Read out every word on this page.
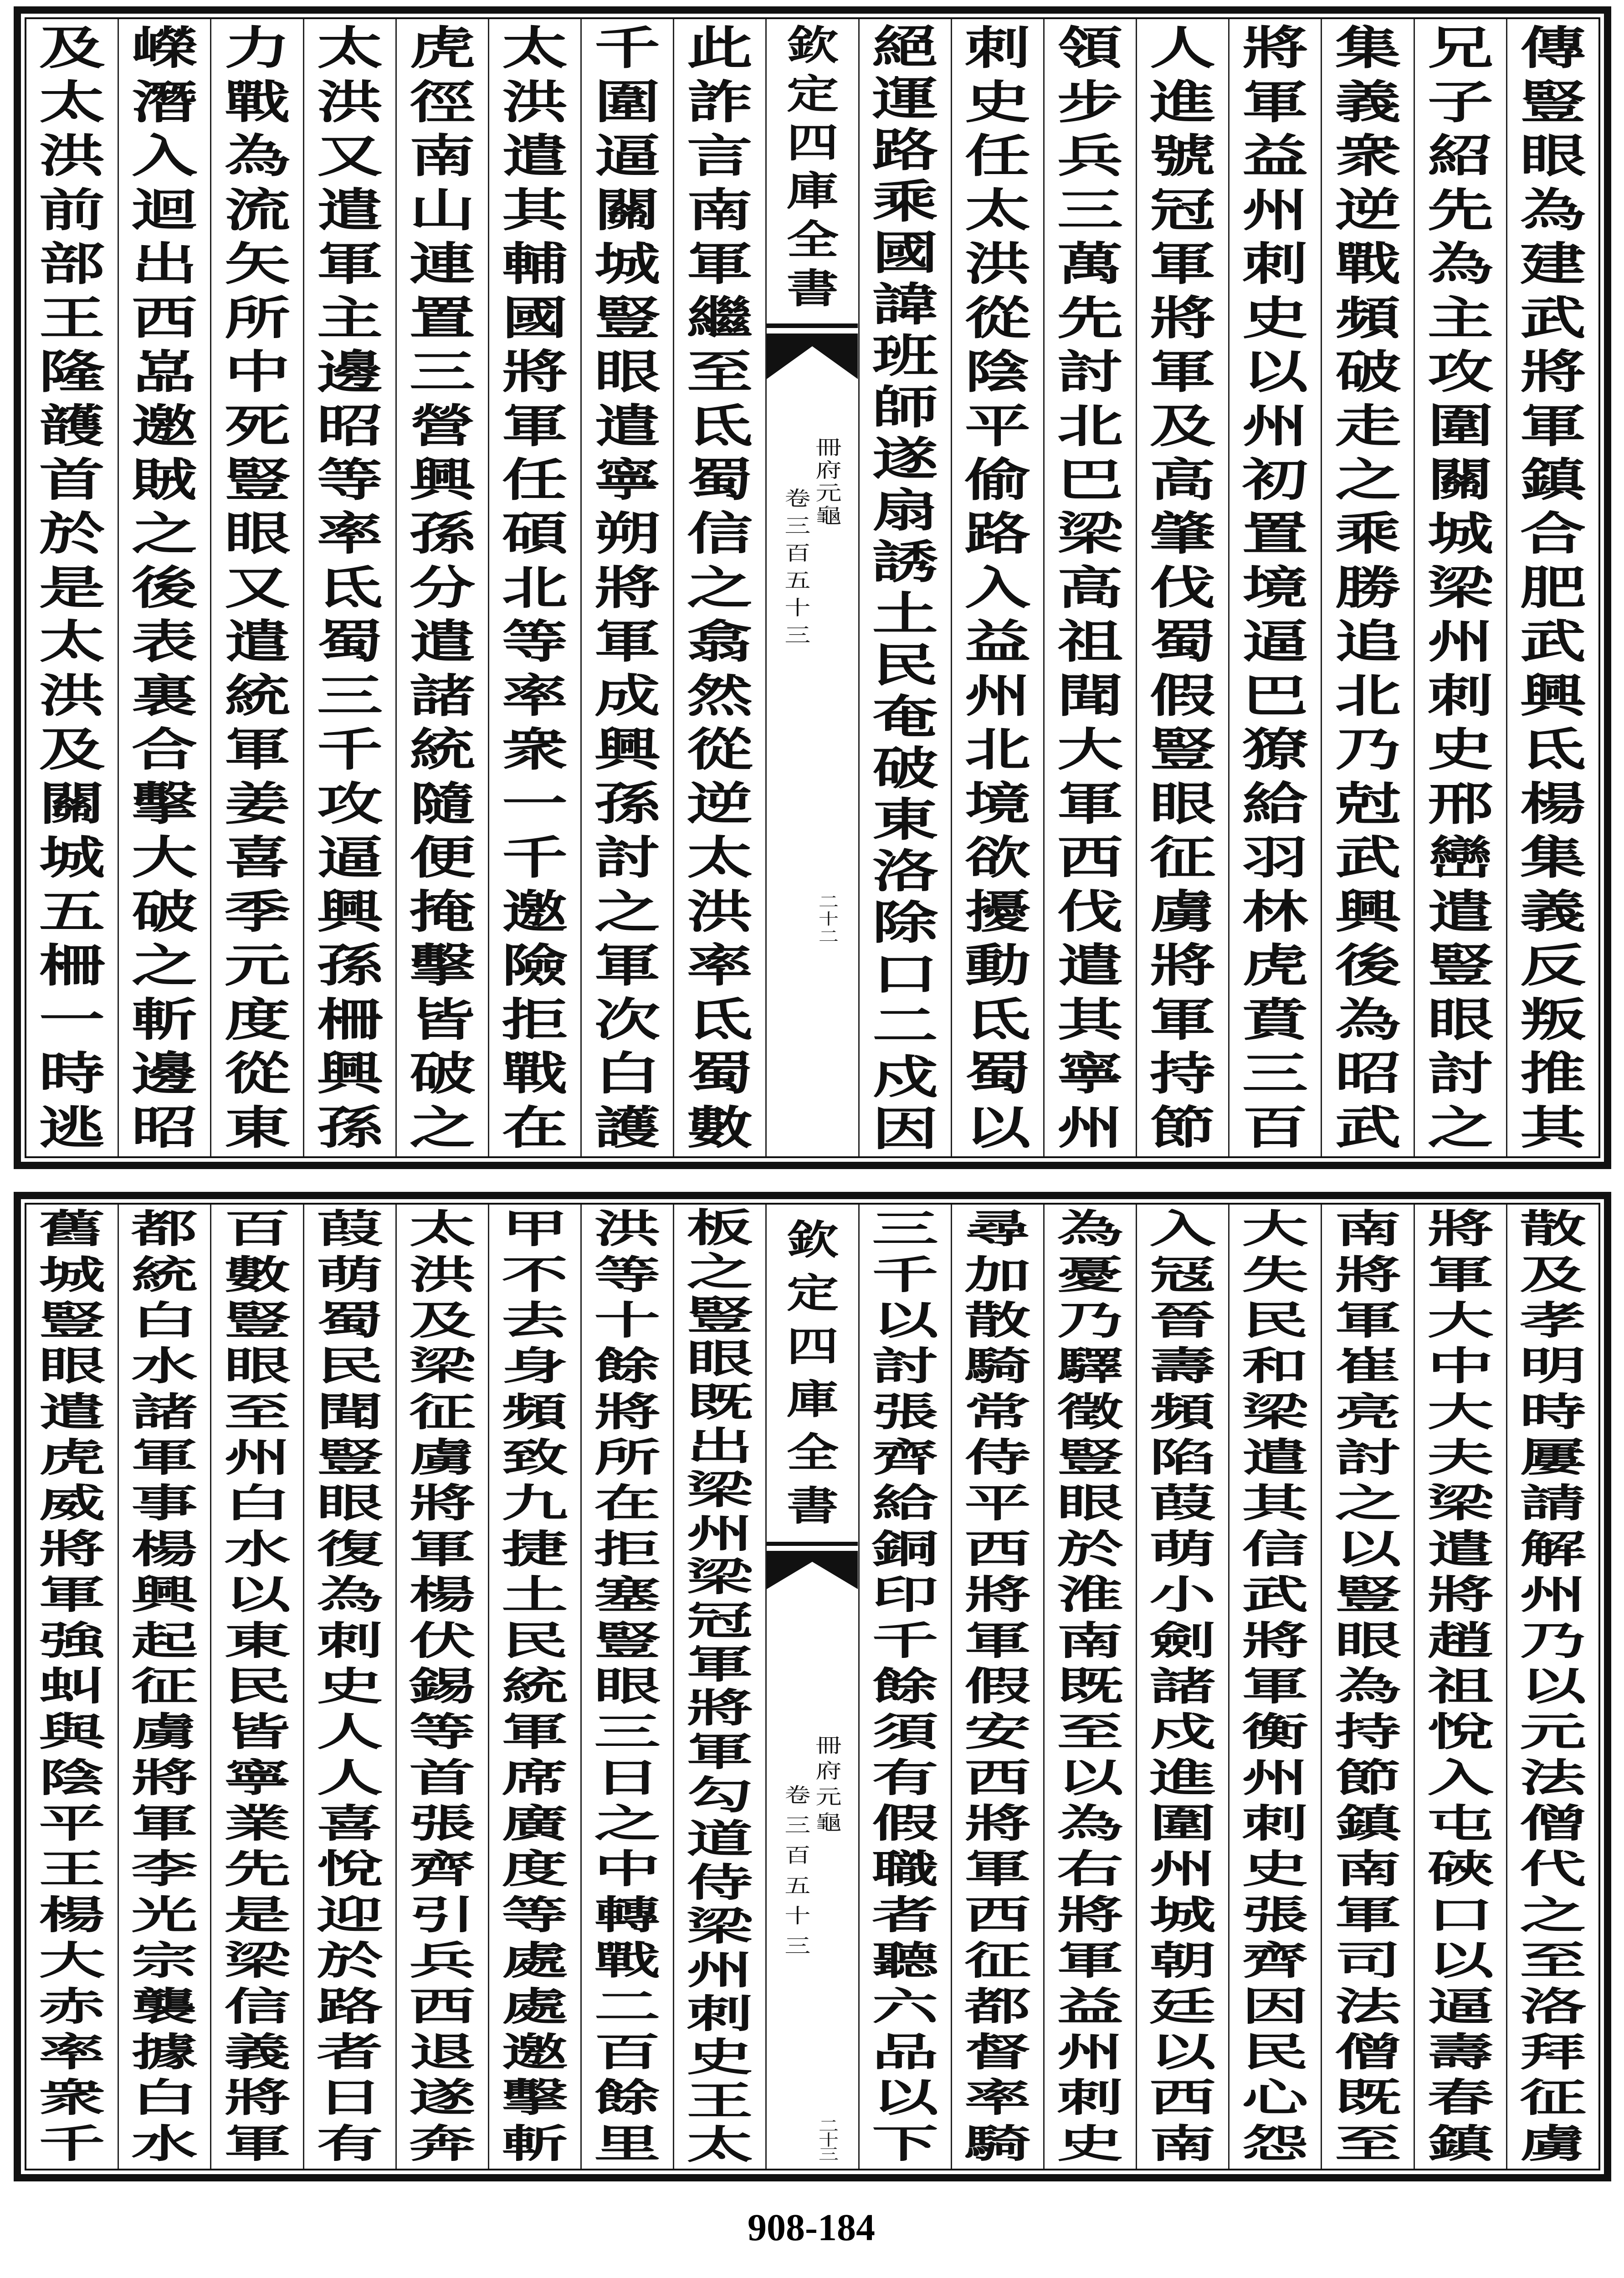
傳
豎
眼
為
建
武
將
軍
鎮
合
肥
武
興
氐
楊
集
義
反
叛
推
其
兄
子
紹
先
為
主
攻
圍
關
城
梁
州
刺
史
邢
巒
遣
豎
眼
討
之
集
義
衆
逆
戰
頻
破
走
之
乘
勝
追
北
乃
尅
武
興
後
為
昭
武
將
軍
益
州
刺
史
以
州
初
置
境
逼
巴
獠
給
羽
林
虎
賁
三
百
人
進
號
冠
軍
將
軍
及
高
肇
伐
蜀
假
豎
眼
征
虜
將
軍
持
節
領
步
兵
三
萬
先
討
北
巴
梁
高
祖
聞
大
軍
西
伐
遣
其
寧
州
刺
史
任
太
洪
從
陰
平
偷
路
入
益
州
北
境
欲
擾
動
氐
蜀
以
絕
運
路
乘
國
諱
班
師
遂
扇
誘
土
民
奄
破
東
洛
除
口
二
戍
因
欽
定
四
庫
全
書
冊
府
元
龜
卷
三
百
五
十
三
二
十
二
此
詐
言
南
軍
繼
至
氐
蜀
信
之
翕
然
從
逆
太
洪
率
氐
蜀
數
千
圍
逼
關
城
豎
眼
遣
寧
朔
將
軍
成
興
孫
討
之
軍
次
白
護
太
洪
遣
其
輔
國
將
軍
任
碩
北
等
率
衆
一
千
邀
險
拒
戰
在
虎
徑
南
山
連
置
三
營
興
孫
分
遣
諸
統
隨
便
掩
擊
皆
破
之
太
洪
又
遣
軍
主
邊
昭
等
率
氐
蜀
三
千
攻
逼
興
孫
柵
興
孫
力
戰
為
流
矢
所
中
死
豎
眼
又
遣
統
軍
姜
喜
季
元
度
從
東
嶸
潛
入
迴
出
西
嵓
邀
賊
之
後
表
裏
合
擊
大
破
之
斬
邊
昭
及
太
洪
前
部
王
隆
頀
首
於
是
太
洪
及
關
城
五
柵
一
時
逃
散
及
孝
明
時
屢
請
解
州
乃
以
元
法
僧
代
之
至
洛
拜
征
虜
將
軍
大
中
大
夫
梁
遣
將
趙
祖
悅
入
屯
硤
口
以
逼
壽
春
鎮
南
將
軍
崔
亮
討
之
以
豎
眼
為
持
節
鎮
南
軍
司
法
僧
既
至
大
失
民
和
梁
遣
其
信
武
將
軍
衡
州
刺
史
張
齊
因
民
心
怨
入
冦
晉
壽
頻
陷
葭
萌
小
劍
諸
戍
進
圍
州
城
朝
廷
以
西
南
為
憂
乃
驛
徵
豎
眼
於
淮
南
既
至
以
為
右
將
軍
益
州
刺
史
尋
加
散
騎
常
侍
平
西
將
軍
假
安
西
將
軍
西
征
都
督
率
騎
三
千
以
討
張
齊
給
銅
印
千
餘
須
有
假
職
者
聽
六
品
以
下
欽
定
四
庫
全
書
冊
府
元
龜
卷
三
百
五
十
三
二
十
三
板
之
豎
眼
既
出
梁
州
梁
冠
軍
將
軍
勾
道
侍
梁
州
刺
史
王
太
洪
等
十
餘
將
所
在
拒
塞
豎
眼
三
日
之
中
轉
戰
二
百
餘
里
甲
不
去
身
頻
致
九
捷
土
民
統
軍
席
廣
度
等
處
處
邀
擊
斬
太
洪
及
梁
征
虜
將
軍
楊
伏
錫
等
首
張
齊
引
兵
西
退
遂
奔
葭
萌
蜀
民
聞
豎
眼
復
為
刺
史
人
人
喜
悅
迎
於
路
者
日
有
百
數
豎
眼
至
州
白
水
以
東
民
皆
寧
業
先
是
梁
信
義
將
軍
都
統
白
水
諸
軍
事
楊
興
起
征
虜
將
軍
李
光
宗
襲
據
白
水
舊
城
豎
眼
遣
虎
威
將
軍
強
虯
與
陰
平
王
楊
大
赤
率
衆
千
908-184
